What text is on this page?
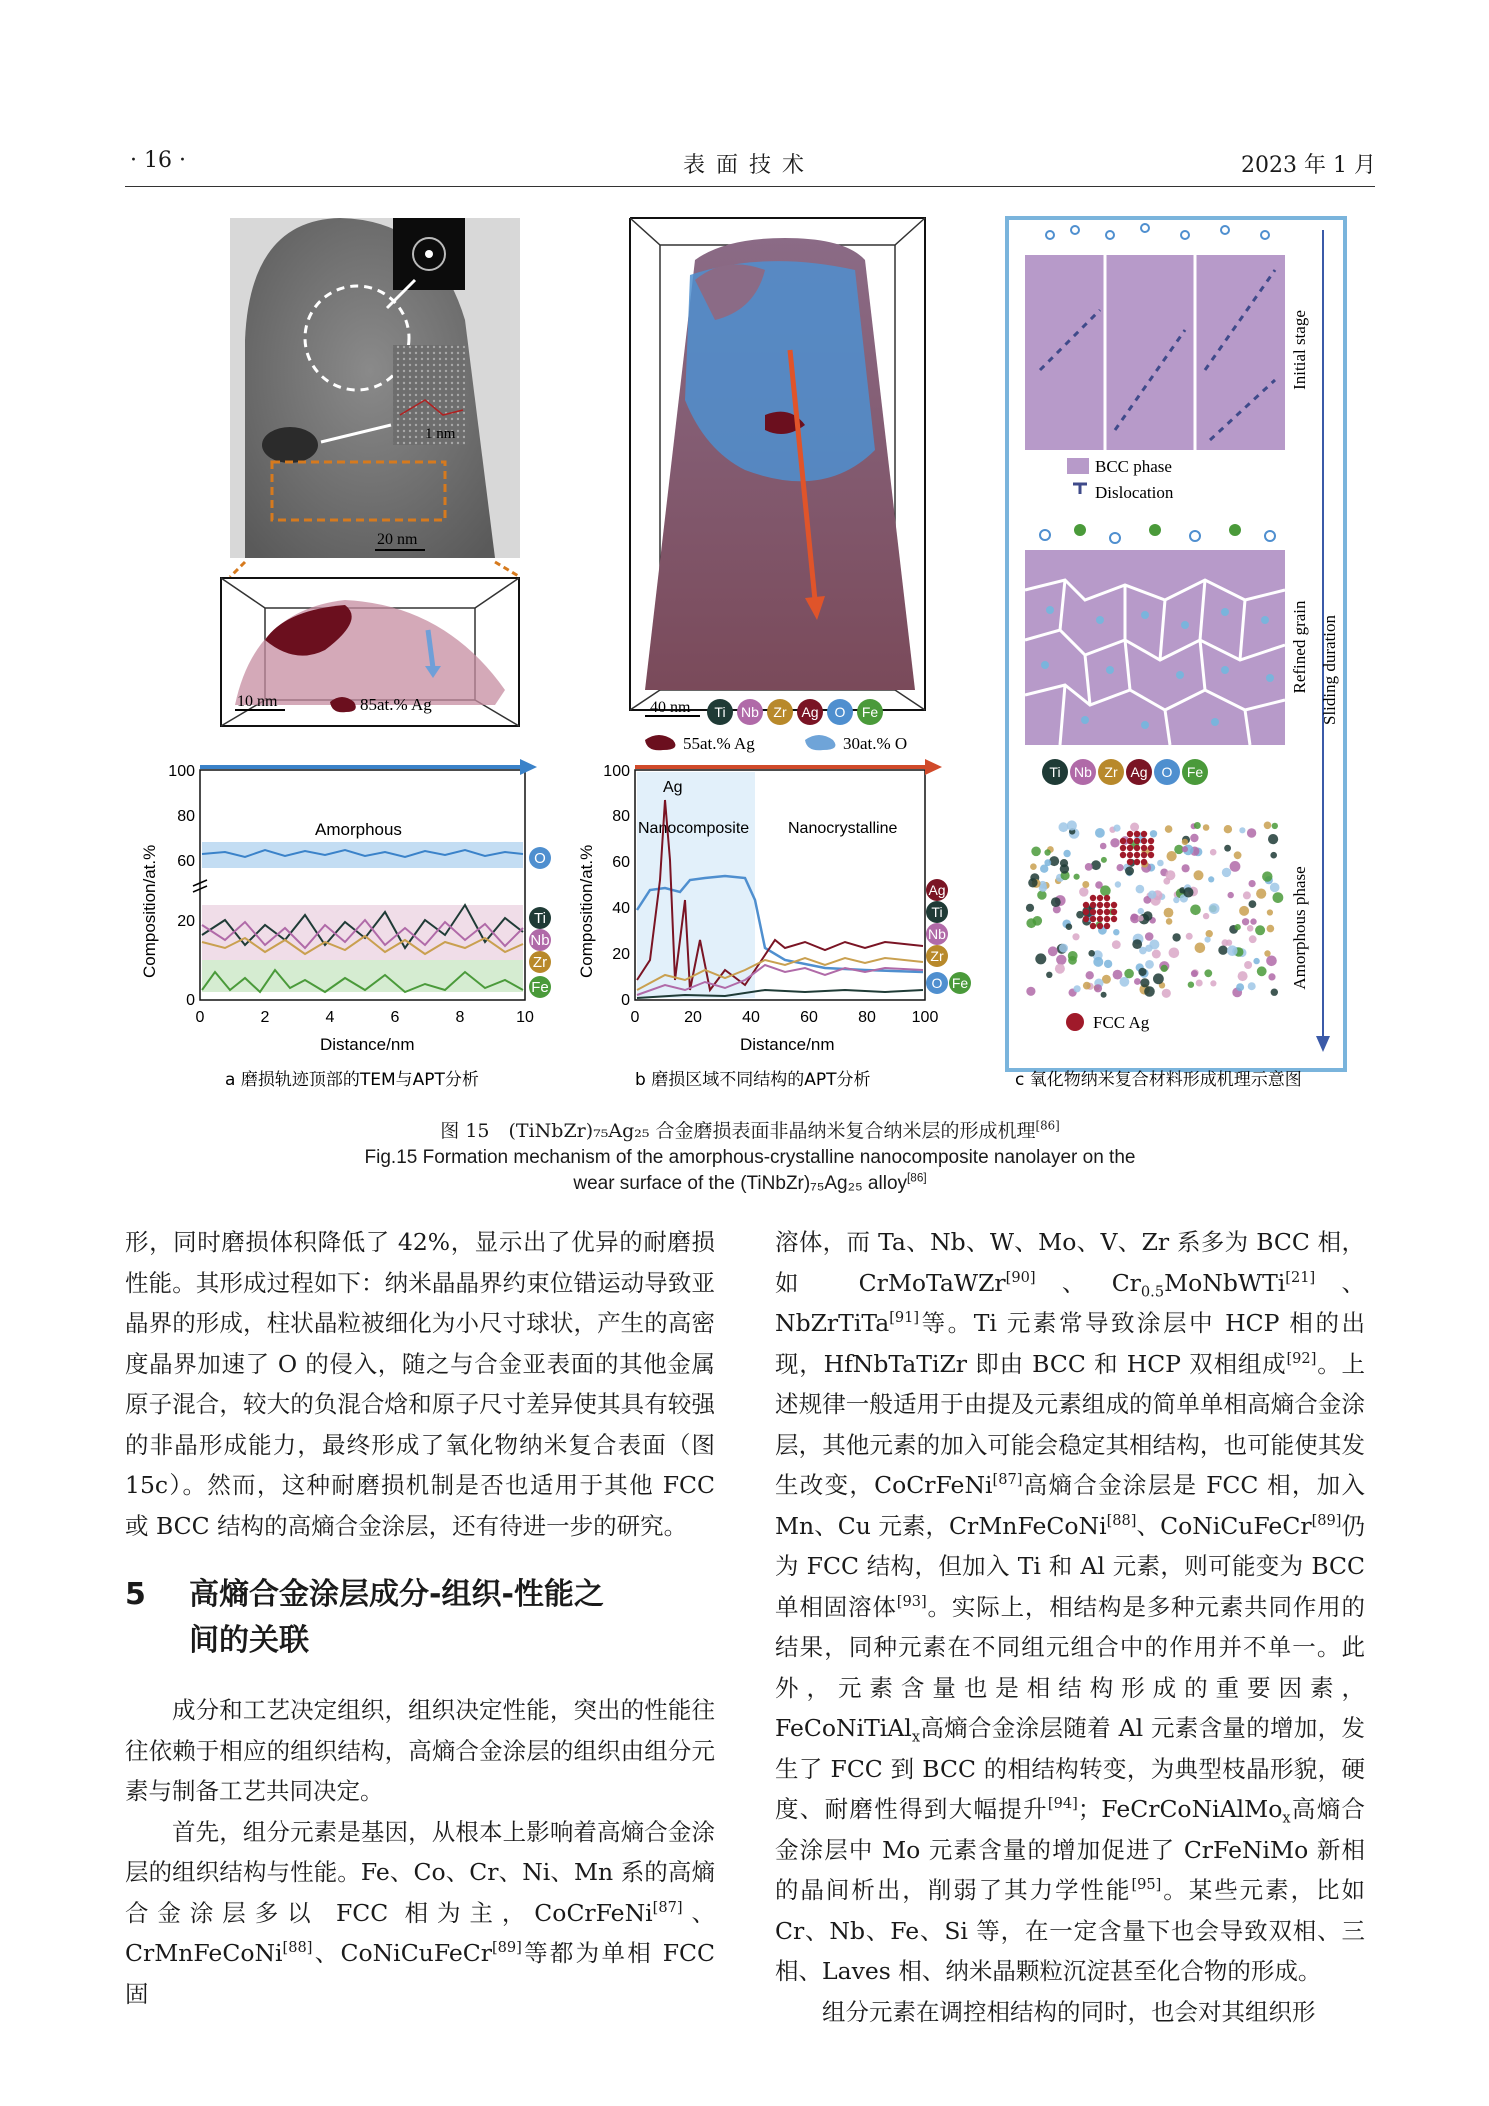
· 16 ·	表 面 技 术	2023 年 1 月
1 nm
20 nm
10 nm	85at.% Ag
Composition/at.%
Distance/nm
Amorphous
100
80
60
20
0
0	2	4	6	8	10
O
Ti
Nb
Zr
Fe
a 磨损轨迹顶部的TEM与APT分析
40 nm Ti Nb Zr Ag O Fe
55at.% Ag	30at.% O
Composition/at.%
Distance/nm
Ag
Nanocomposite Nanocrystalline
100
80
60
40
20
0
0	20	40	60	80 100
Ag
Ti
Nb
Zr
O Fe
b 磨损区域不同结构的APT分析
Sliding duration
Initial stage
BCC phase
Dislocation
Refined grain
Ti Nb Zr Ag O Fe
Amorphous phase
FCC Ag
c 氧化物纳米复合材料形成机理示意图
图 15　(TiNbZr)₇₅Ag₂₅ 合金磨损表面非晶纳米复合纳米层的形成机理[86]
Fig.15 Formation mechanism of the amorphous-crystalline nanocomposite nanolayer on the
wear surface of the (TiNbZr)₇₅Ag₂₅ alloy[86]

形，同时磨损体积降低了 42%，显示出了优异的耐磨损性能。其形成过程如下：纳米晶晶界约束位错运动导致亚晶界的形成，柱状晶粒被细化为小尺寸球状，产生的高密度晶界加速了 O 的侵入，随之与合金亚表面的其他金属原子混合，较大的负混合焓和原子尺寸差异使其具有较强的非晶形成能力，最终形成了氧化物纳米复合表面（图 15c）。然而，这种耐磨损机制是否也适用于其他 FCC 或 BCC 结构的高熵合金涂层，还有待进一步的研究。

5	高熵合金涂层成分-组织-性能之
间的关联

成分和工艺决定组织，组织决定性能，突出的性能往往依赖于相应的组织结构，高熵合金涂层的组织由组分元素与制备工艺共同决定。

首先，组分元素是基因，从根本上影响着高熵合金涂层的组织结构与性能。Fe、Co、Cr、Ni、Mn 系的高熵合金涂层多以 FCC 相为主，CoCrFeNi[87]、CrMnFeCoNi[88]、CoNiCuFeCr[89]等都为单相 FCC 固

溶体，而 Ta、Nb、W、Mo、V、Zr 系多为 BCC 相，如 CrMoTaWZr[90]、$Cr_{0.5}MoNbWTi[21]$、NbZrTiTa[91]等。Ti 元素常导致涂层中 HCP 相的出现，HfNbTaTiZr 即由 BCC 和 HCP 双相组成[92]。上述规律一般适用于由提及元素组成的简单单相高熵合金涂层，其他元素的加入可能会稳定其相结构，也可能使其发生改变，CoCrFeNi[87]高熵合金涂层是 FCC 相，加入 Mn、Cu 元素，CrMnFeCoNi[88]、CoNiCuFeCr[89]仍为 FCC 结构，但加入 Ti 和 Al 元素，则可能变为 BCC 单相固溶体[93]。实际上，相结构是多种元素共同作用的结果，同种元素在不同组元组合中的作用并不单一。此外，元素含量也是相结构形成的重要因素，FeCoNiTiAl$_x$高熵合金涂层随着 Al 元素含量的增加，发生了 FCC 到 BCC 的相结构转变，为典型枝晶形貌，硬度、耐磨性得到大幅提升[94]；FeCrCoNiAlMo$_x$高熵合金涂层中 Mo 元素含量的增加促进了 CrFeNiMo 新相的晶间析出，削弱了其力学性能[95]。某些元素，比如 Cr、Nb、Fe、Si 等，在一定含量下也会导致双相、三相、Laves 相、纳米晶颗粒沉淀甚至化合物的形成。

组分元素在调控相结构的同时，也会对其组织形
